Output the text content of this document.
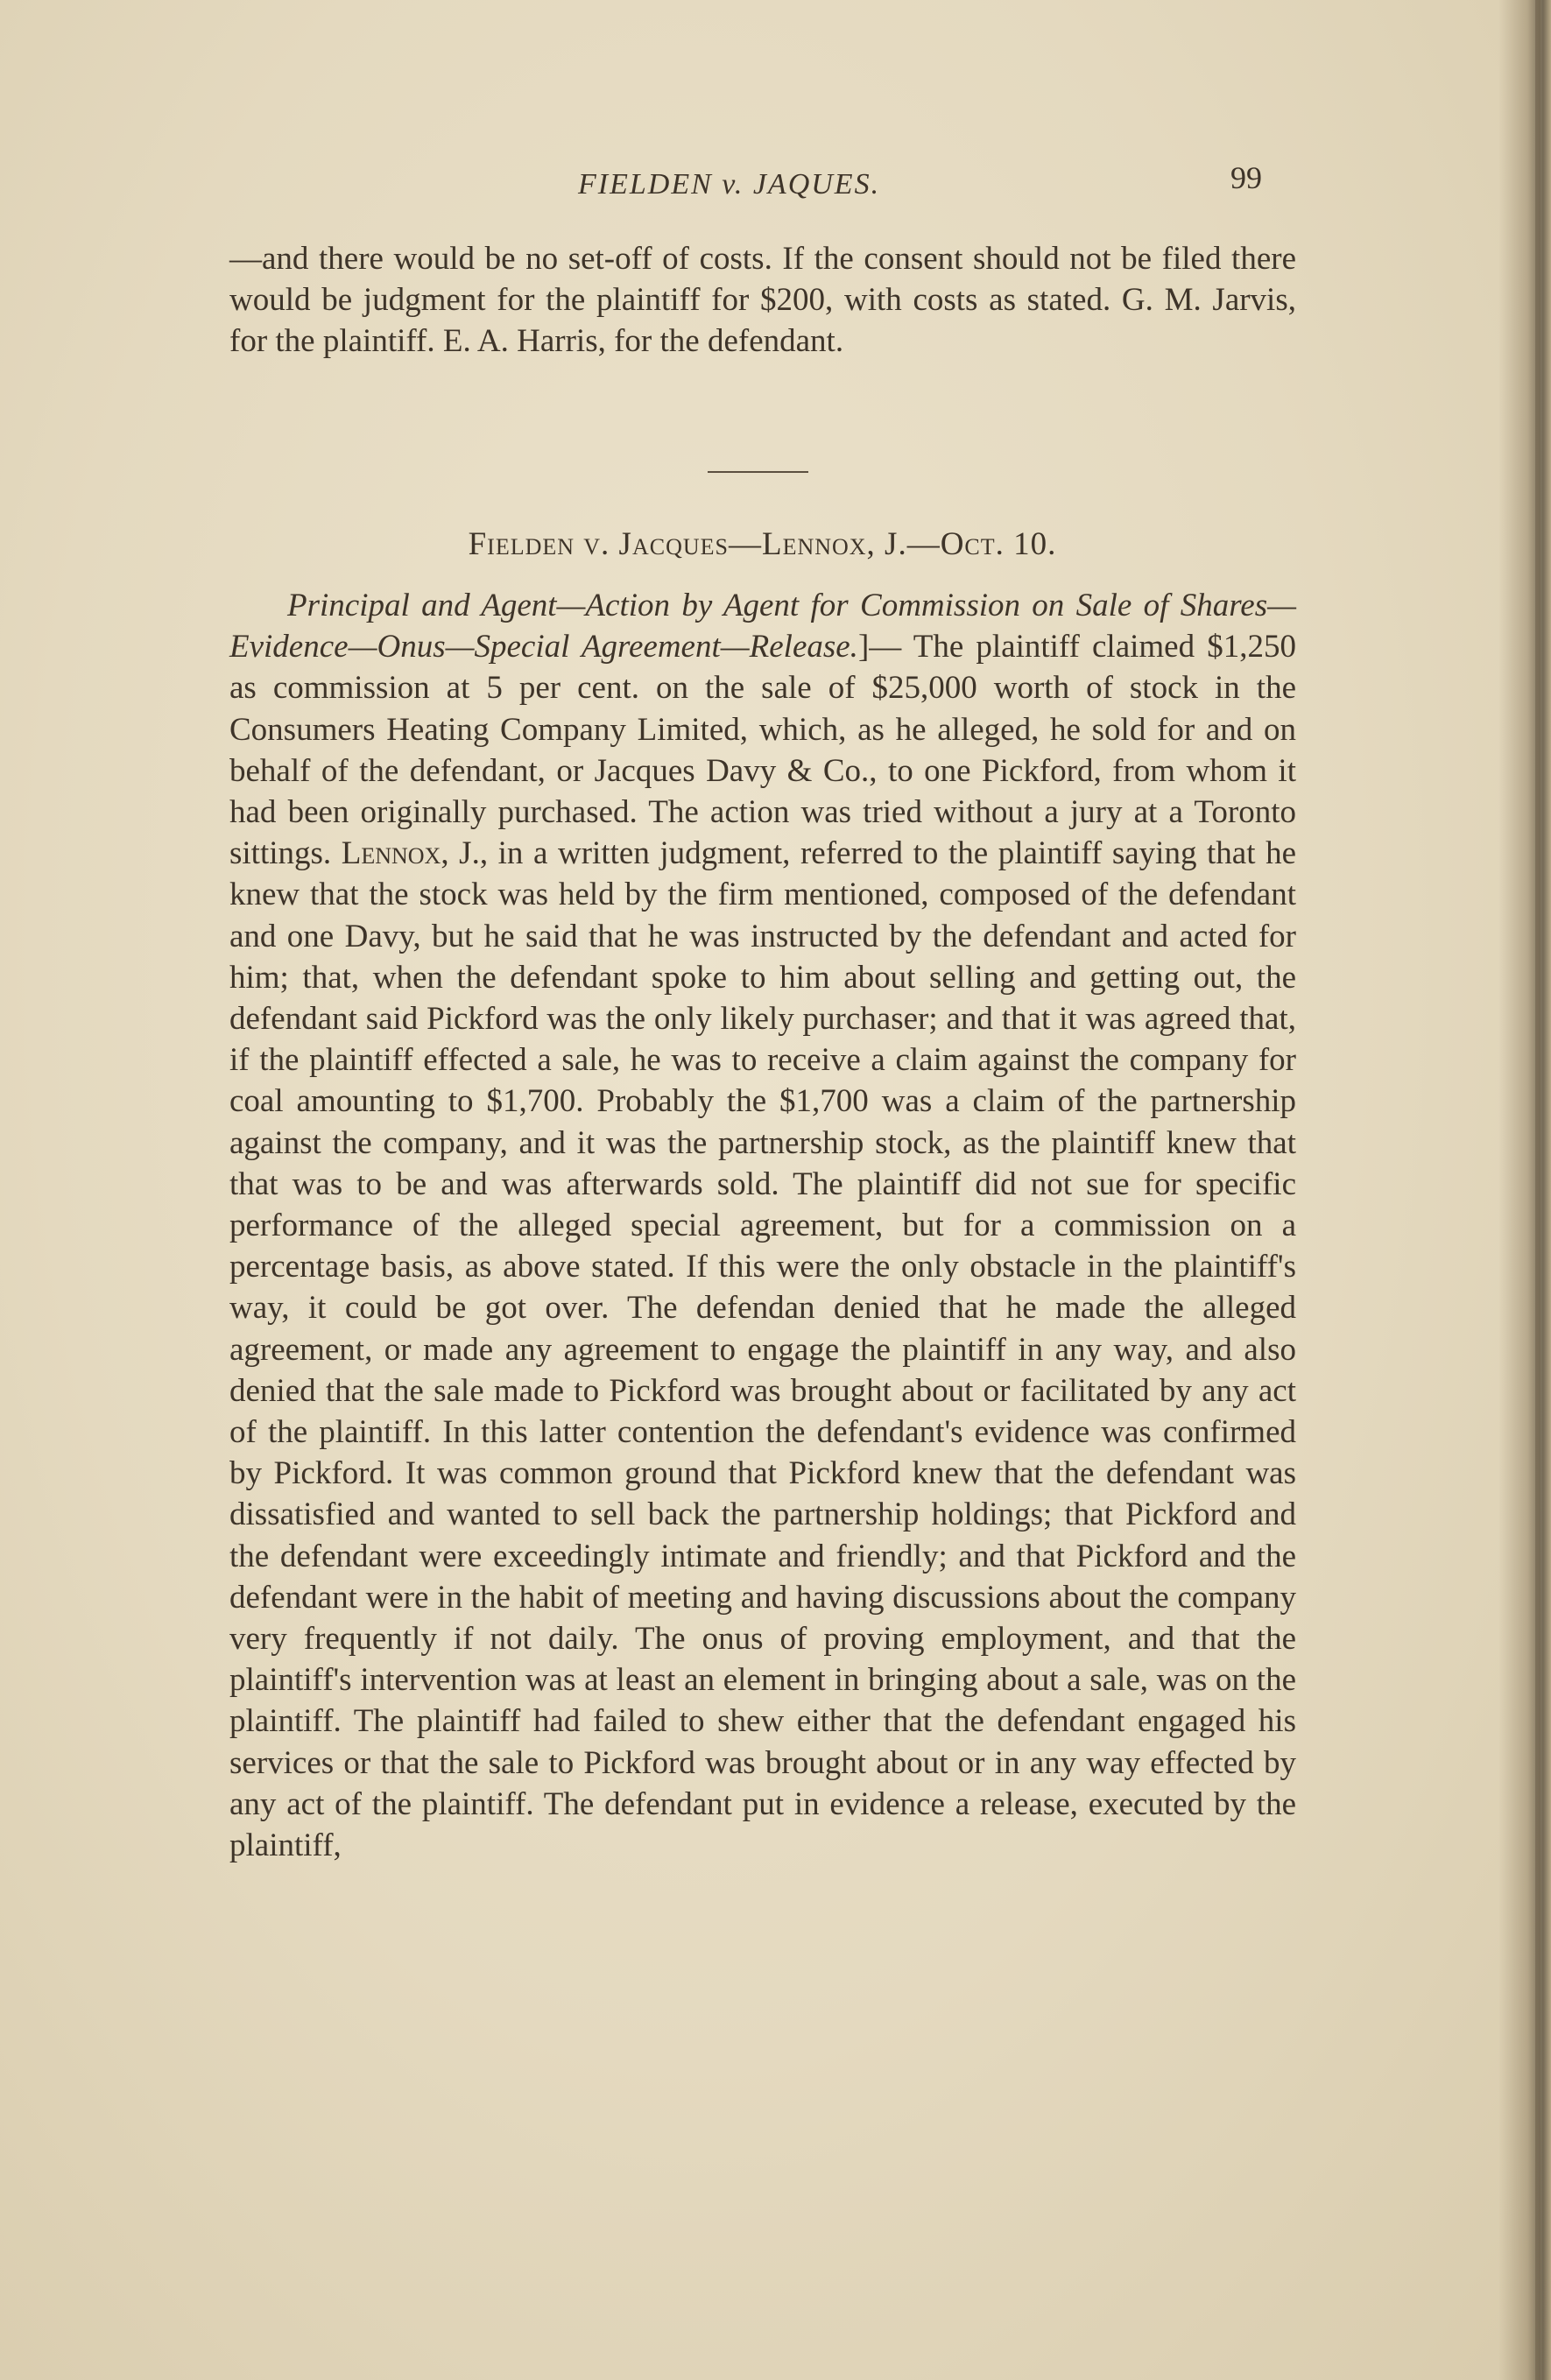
FIELDEN v. JAQUES.	99

—and there would be no set-off of costs. If the consent should not be filed there would be judgment for the plaintiff for $200, with costs as stated. G. M. Jarvis, for the plaintiff. E. A. Harris, for the defendant.

Fielden v. Jacques—Lennox, J.—Oct. 10.

Principal and Agent—Action by Agent for Commission on Sale of Shares—Evidence—Onus—Special Agreement—Release.]— The plaintiff claimed $1,250 as commission at 5 per cent. on the sale of $25,000 worth of stock in the Consumers Heating Company Limited, which, as he alleged, he sold for and on behalf of the defendant, or Jacques Davy & Co., to one Pickford, from whom it had been originally purchased. The action was tried without a jury at a Toronto sittings. Lennox, J., in a written judgment, referred to the plaintiff saying that he knew that the stock was held by the firm mentioned, composed of the defendant and one Davy, but he said that he was instructed by the defendant and acted for him; that, when the defendant spoke to him about selling and getting out, the defendant said Pickford was the only likely purchaser; and that it was agreed that, if the plaintiff effected a sale, he was to receive a claim against the company for coal amounting to $1,700. Probably the $1,700 was a claim of the partnership against the company, and it was the partnership stock, as the plaintiff knew that that was to be and was afterwards sold. The plaintiff did not sue for specific performance of the alleged special agreement, but for a commission on a percentage basis, as above stated. If this were the only obstacle in the plaintiff's way, it could be got over. The defendan denied that he made the alleged agreement, or made any agreement to engage the plaintiff in any way, and also denied that the sale made to Pickford was brought about or facilitated by any act of the plaintiff. In this latter contention the defendant's evidence was confirmed by Pickford. It was common ground that Pickford knew that the defendant was dissatisfied and wanted to sell back the partnership holdings; that Pickford and the defendant were exceedingly intimate and friendly; and that Pickford and the defendant were in the habit of meeting and having discussions about the company very frequently if not daily. The onus of proving employment, and that the plaintiff's intervention was at least an element in bringing about a sale, was on the plaintiff. The plaintiff had failed to shew either that the defendant engaged his services or that the sale to Pickford was brought about or in any way effected by any act of the plaintiff. The defendant put in evidence a release, executed by the plaintiff,
